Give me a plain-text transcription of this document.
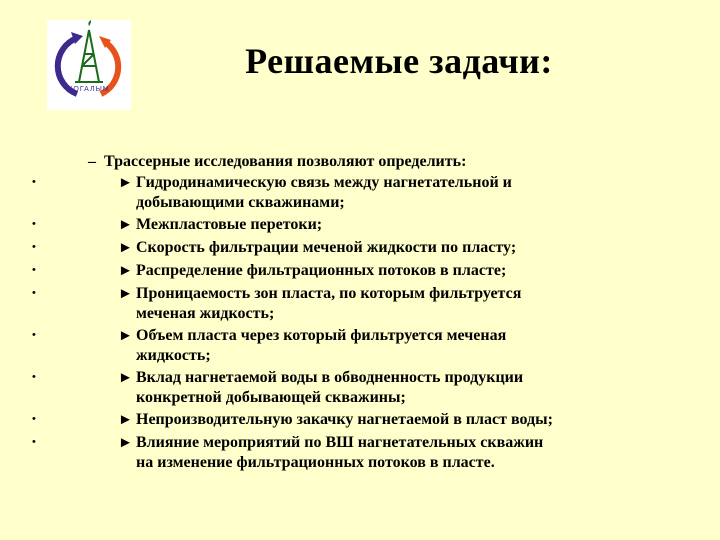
КОГАЛЫМ
Решаемые задачи:
– Трассерные исследования позволяют определить:
•	► Гидродинамическую связь между нагнетательной и
добывающими скважинами;
•	► Межпластовые перетоки;
•	► Скорость фильтрации меченой жидкости по пласту;
•	► Распределение фильтрационных потоков в пласте;
•	► Проницаемость зон пласта, по которым фильтруется
меченая жидкость;
•	► Объем пласта через который фильтруется меченая
жидкость;
•	► Вклад нагнетаемой воды в обводненность продукции
конкретной добывающей скважины;
•	► Непроизводительную закачку нагнетаемой в пласт воды;
•	► Влияние мероприятий по ВШ нагнетательных скважин
на изменение фильтрационных потоков в пласте.
